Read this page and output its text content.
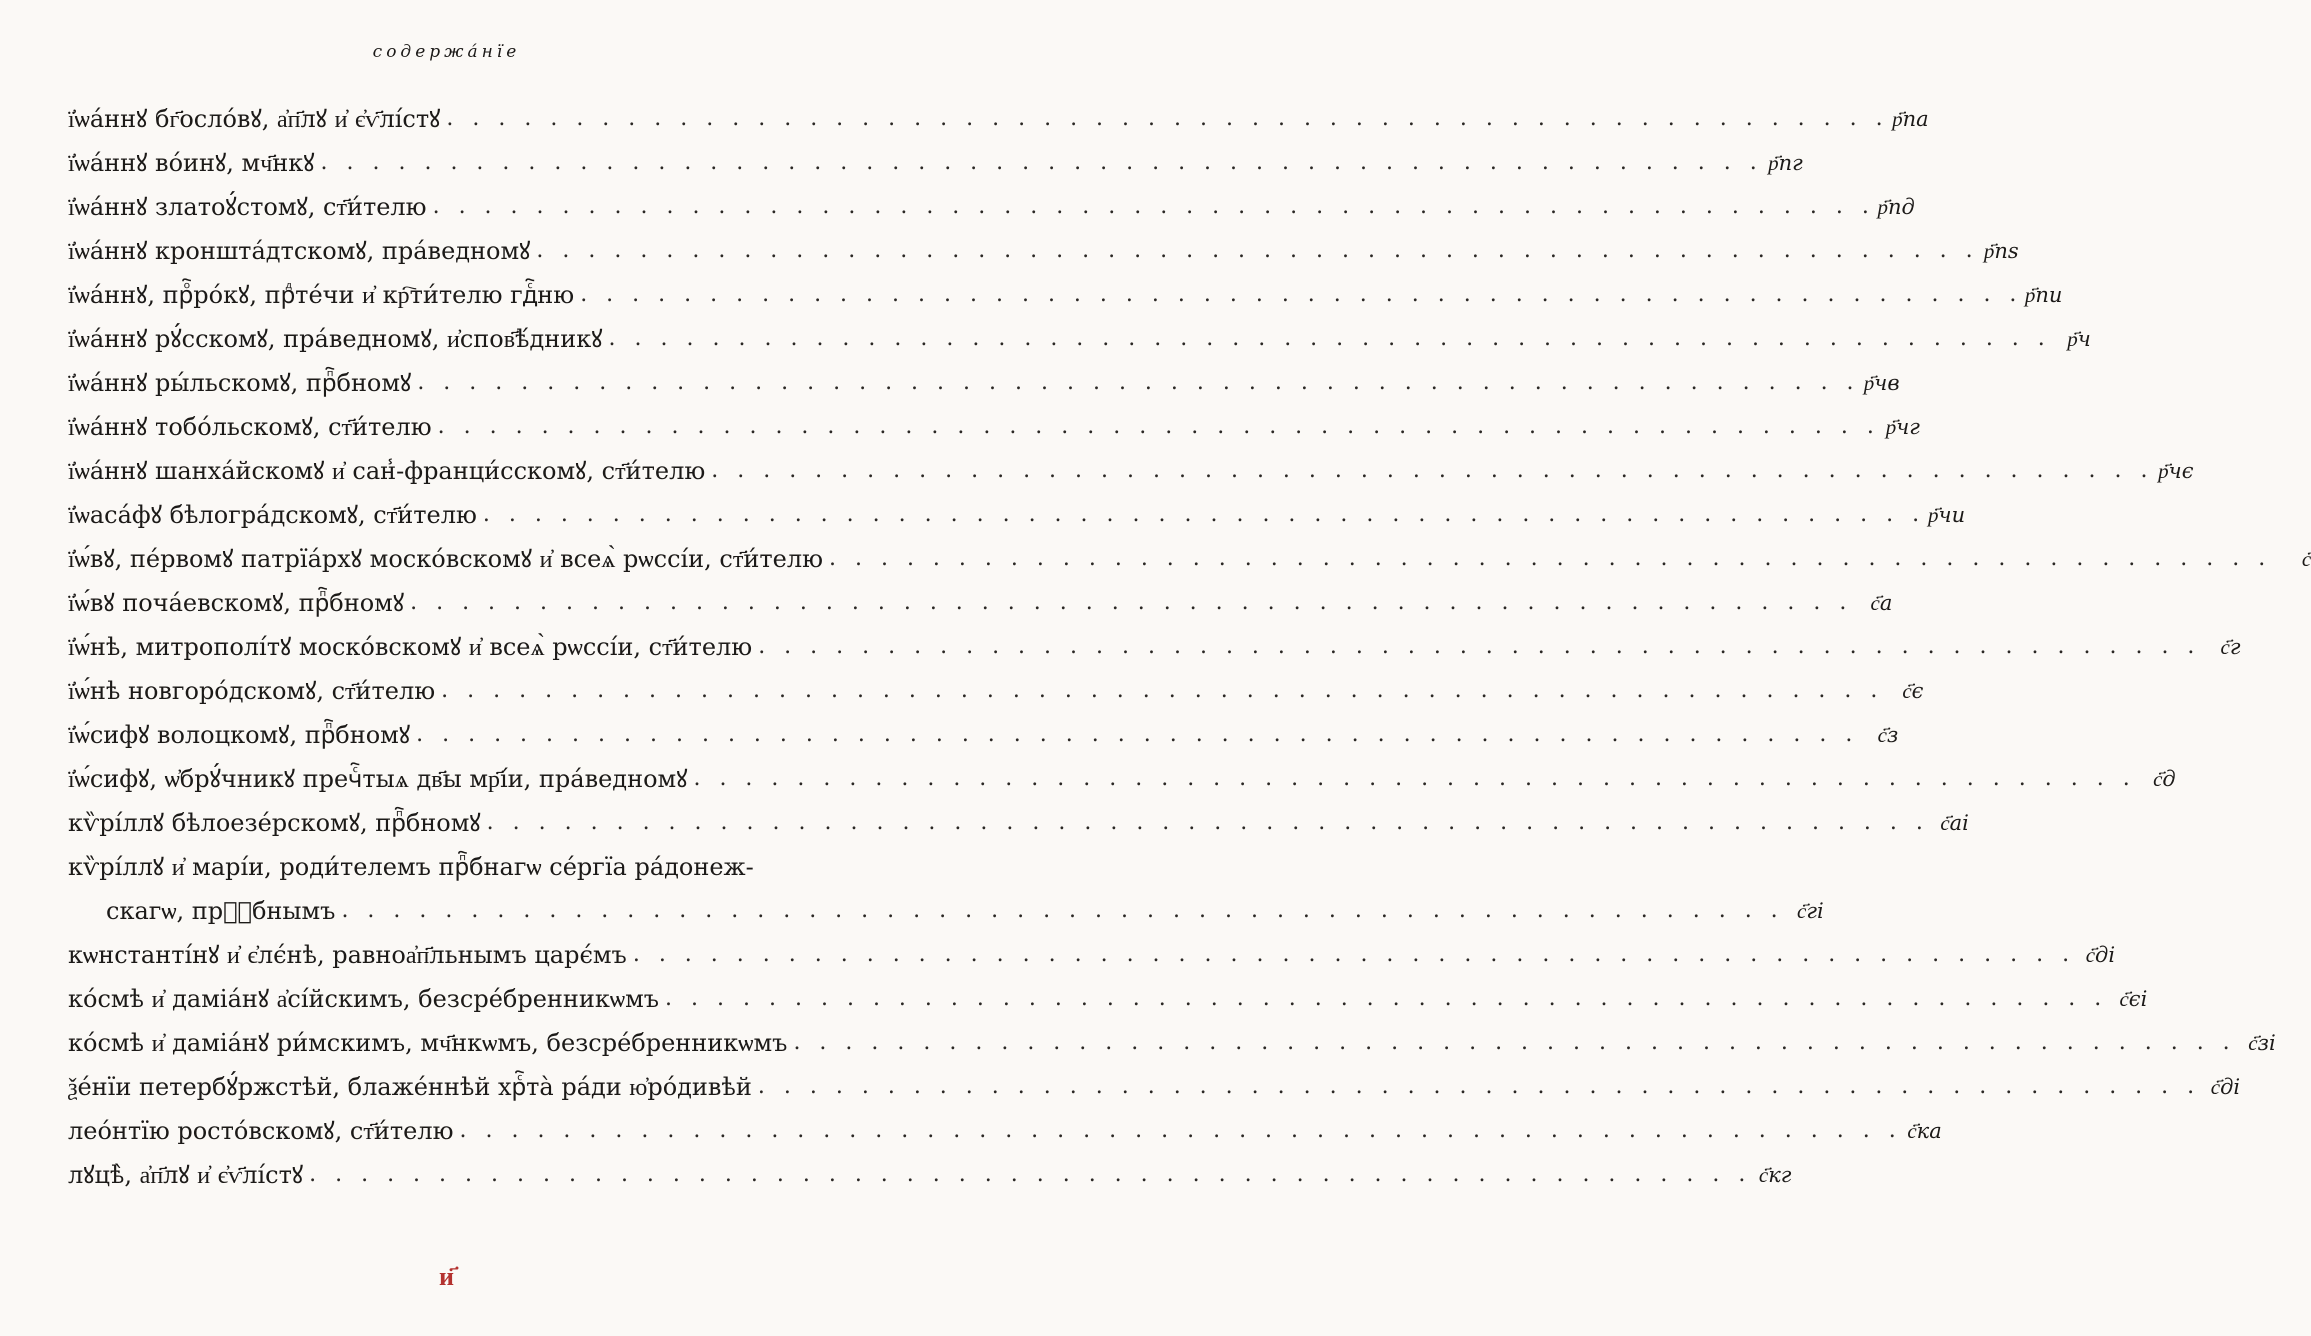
содержа́нїе
ї҆ѡа́ннꙋ бг҃осло́вꙋ, а҆п҃лꙋ и҆ є҆ѵ҃лі́стꙋ . . . . . . . . . . . . . . . . . . . . . . . . . . . . . . . . . . . . . . . . . . . . . . . . . . . . . . . . р҃па
ї҆ѡа́ннꙋ во́инꙋ, мч҃нкꙋ . . . . . . . . . . . . . . . . . . . . . . . . . . . . . . . . . . . . . . . . . . . . . . . . . . . . . . . . р҃пг
ї҆ѡа́ннꙋ златоꙋ́стомꙋ, ст҃и́телю . . . . . . . . . . . . . . . . . . . . . . . . . . . . . . . . . . . . . . . . . . . . . . . . . . . . . . . . р҃пд
ї҆ѡа́ннꙋ кроншта́дтскомꙋ, пра́ведномꙋ . . . . . . . . . . . . . . . . . . . . . . . . . . . . . . . . . . . . . . . . . . . . . . . . . . . . . . . . р҃пѕ
ї҆ѡа́ннꙋ, прⷪ҇ро́кꙋ, прⷣте́чи и҆ кр҇ти́телю гдⷭ҇ню . . . . . . . . . . . . . . . . . . . . . . . . . . . . . . . . . . . . . . . . . . . . . . . . . . . . . . . . р҃пи
ї҆ѡа́ннꙋ рꙋ́сскомꙋ, пра́ведномꙋ, и҆спов҃ѣ́дникꙋ . . . . . . . . . . . . . . . . . . . . . . . . . . . . . . . . . . . . . . . . . . . . . . . . . . . . . . . . р҃ч
ї҆ѡа́ннꙋ ры́льскомꙋ, прⷫ҇бномꙋ . . . . . . . . . . . . . . . . . . . . . . . . . . . . . . . . . . . . . . . . . . . . . . . . . . . . . . . . р҃чв
ї҆ѡа́ннꙋ тобо́льскомꙋ, ст҃и́телю . . . . . . . . . . . . . . . . . . . . . . . . . . . . . . . . . . . . . . . . . . . . . . . . . . . . . . . . р҃чг
ї҆ѡа́ннꙋ шанха́йскомꙋ и҆ сан̾-франци́сскомꙋ, ст҃и́телю . . . . . . . . . . . . . . . . . . . . . . . . . . . . . . . . . . . . . . . . . . . . . . . . . . . . . . . . р҃чє
ї҆ѡаса́фꙋ бѣлогра́дскомꙋ, ст҃и́телю . . . . . . . . . . . . . . . . . . . . . . . . . . . . . . . . . . . . . . . . . . . . . . . . . . . . . . . . р҃чи
ї҆ѡ́вꙋ, пе́рвомꙋ патрїа́рхꙋ моско́вскомꙋ и҆ всеѧ̀ рѡссі́и, ст҃и́телю . . . . . . . . . . . . . . . . . . . . . . . . . . . . . . . . . . . . . . . . . . . . . . . . . . . . . . . .	с҃
ї҆ѡ́вꙋ поча́евскомꙋ, прⷫ҇бномꙋ . . . . . . . . . . . . . . . . . . . . . . . . . . . . . . . . . . . . . . . . . . . . . . . . . . . . . . . . с҃а
ї҆ѡ́нѣ, митрополі́тꙋ моско́вскомꙋ и҆ всеѧ̀ рѡссі́и, ст҃и́телю . . . . . . . . . . . . . . . . . . . . . . . . . . . . . . . . . . . . . . . . . . . . . . . . . . . . . . . . с҃г
ї҆ѡ́нѣ новгоро́дскомꙋ, ст҃и́телю . . . . . . . . . . . . . . . . . . . . . . . . . . . . . . . . . . . . . . . . . . . . . . . . . . . . . . . . с҃є
ї҆ѡ́сифꙋ волоцкомꙋ, прⷫ҇бномꙋ . . . . . . . . . . . . . . . . . . . . . . . . . . . . . . . . . . . . . . . . . . . . . . . . . . . . . . . . с҃з
ї҆ѡ́сифꙋ, ѡ҆брꙋ́чникꙋ пречⷭ҇тыѧ дв҃ы мр҃і́и, пра́ведномꙋ . . . . . . . . . . . . . . . . . . . . . . . . . . . . . . . . . . . . . . . . . . . . . . . . . . . . . . . . с҃д
кѷрі́ллꙋ бѣлоезе́рскомꙋ, прⷫ҇бномꙋ . . . . . . . . . . . . . . . . . . . . . . . . . . . . . . . . . . . . . . . . . . . . . . . . . . . . . . . . с҃аі
кѷрі́ллꙋ и҆ марі́и, роди́телемъ прⷫ҇бнагѡ се́ргїа ра́донеж-
скагѡ, прⷫ҇бнымъ . . . . . . . . . . . . . . . . . . . . . . . . . . . . . . . . . . . . . . . . . . . . . . . . . . . . . . . . с҃гі
кѡнстанті́нꙋ и҆ є҆лє́нѣ, равноа҆п҃льнымъ царє́мъ . . . . . . . . . . . . . . . . . . . . . . . . . . . . . . . . . . . . . . . . . . . . . . . . . . . . . . . . с҃ді
ко́смѣ и҆ даміа́нꙋ а҆сі́йскимъ, безсре́бренникѡмъ . . . . . . . . . . . . . . . . . . . . . . . . . . . . . . . . . . . . . . . . . . . . . . . . . . . . . . . . с҃єі
ко́смѣ и҆ даміа́нꙋ ри́мскимъ, мч҃нкѡмъ, безсре́бренникѡмъ . . . . . . . . . . . . . . . . . . . . . . . . . . . . . . . . . . . . . . . . . . . . . . . . . . . . . . . . с҃зі
ѯе́нїи петербꙋ́ржстѣй, блаже́ннѣй хрⷭ҇та̀ ра́ди ю҆ро́дивѣй . . . . . . . . . . . . . . . . . . . . . . . . . . . . . . . . . . . . . . . . . . . . . . . . . . . . . . . . с҃ді
лео́нтїю росто́вскомꙋ, ст҃и́телю . . . . . . . . . . . . . . . . . . . . . . . . . . . . . . . . . . . . . . . . . . . . . . . . . . . . . . . . с҃ка
лꙋцѣ̀, а҆п҃лꙋ и҆ є҆ѵ҃лі́стꙋ . . . . . . . . . . . . . . . . . . . . . . . . . . . . . . . . . . . . . . . . . . . . . . . . . . . . . . . . с҃кг
и҃
